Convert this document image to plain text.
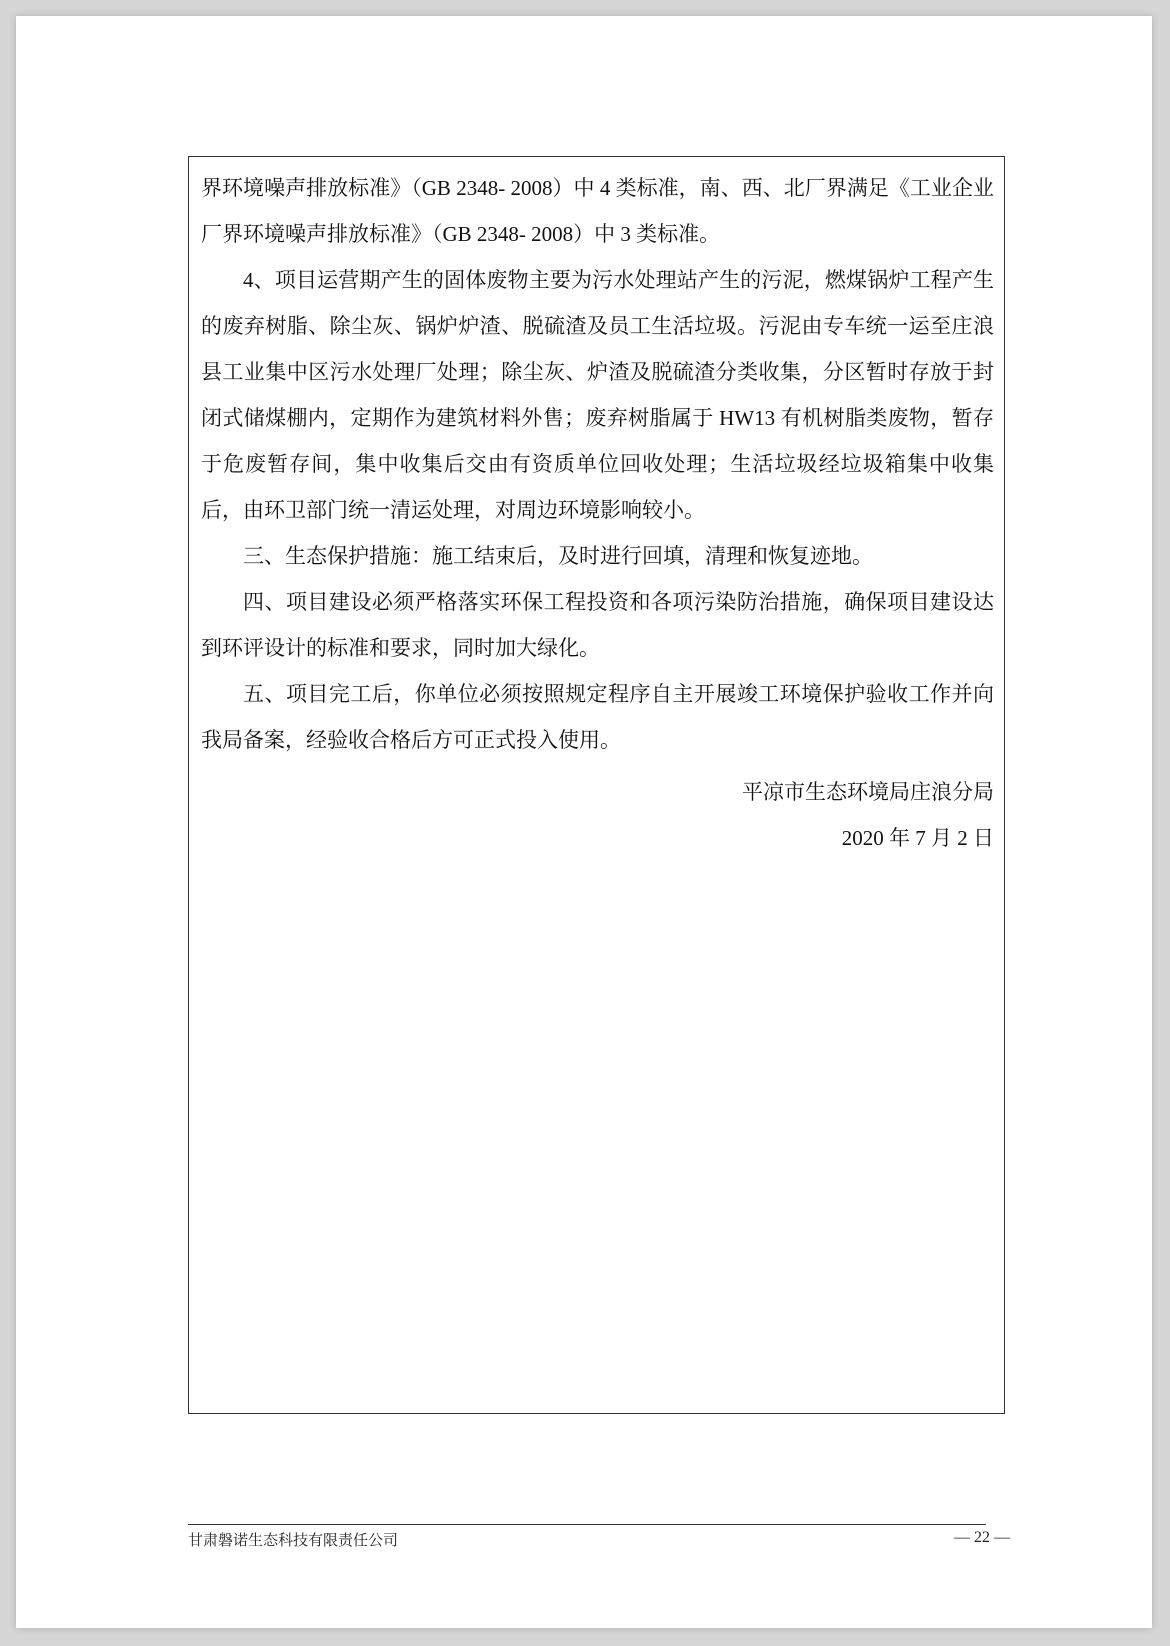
界环境噪声排放标准》（GB 2348- 2008）中 4 类标准，南、西、北厂界满足《工业企业厂界环境噪声排放标准》（GB 2348- 2008）中 3 类标准。

4、项目运营期产生的固体废物主要为污水处理站产生的污泥，燃煤锅炉工程产生的废弃树脂、除尘灰、锅炉炉渣、脱硫渣及员工生活垃圾。污泥由专车统一运至庄浪县工业集中区污水处理厂处理；除尘灰、炉渣及脱硫渣分类收集，分区暂时存放于封闭式储煤棚内，定期作为建筑材料外售；废弃树脂属于 HW13 有机树脂类废物，暂存于危废暂存间，集中收集后交由有资质单位回收处理；生活垃圾经垃圾箱集中收集后，由环卫部门统一清运处理，对周边环境影响较小。

三、生态保护措施：施工结束后，及时进行回填，清理和恢复迹地。

四、项目建设必须严格落实环保工程投资和各项污染防治措施，确保项目建设达到环评设计的标准和要求，同时加大绿化。

五、项目完工后，你单位必须按照规定程序自主开展竣工环境保护验收工作并向我局备案，经验收合格后方可正式投入使用。

平凉市生态环境局庄浪分局
2020 年 7 月 2 日
甘肃磐诺生态科技有限责任公司	— 22 —
